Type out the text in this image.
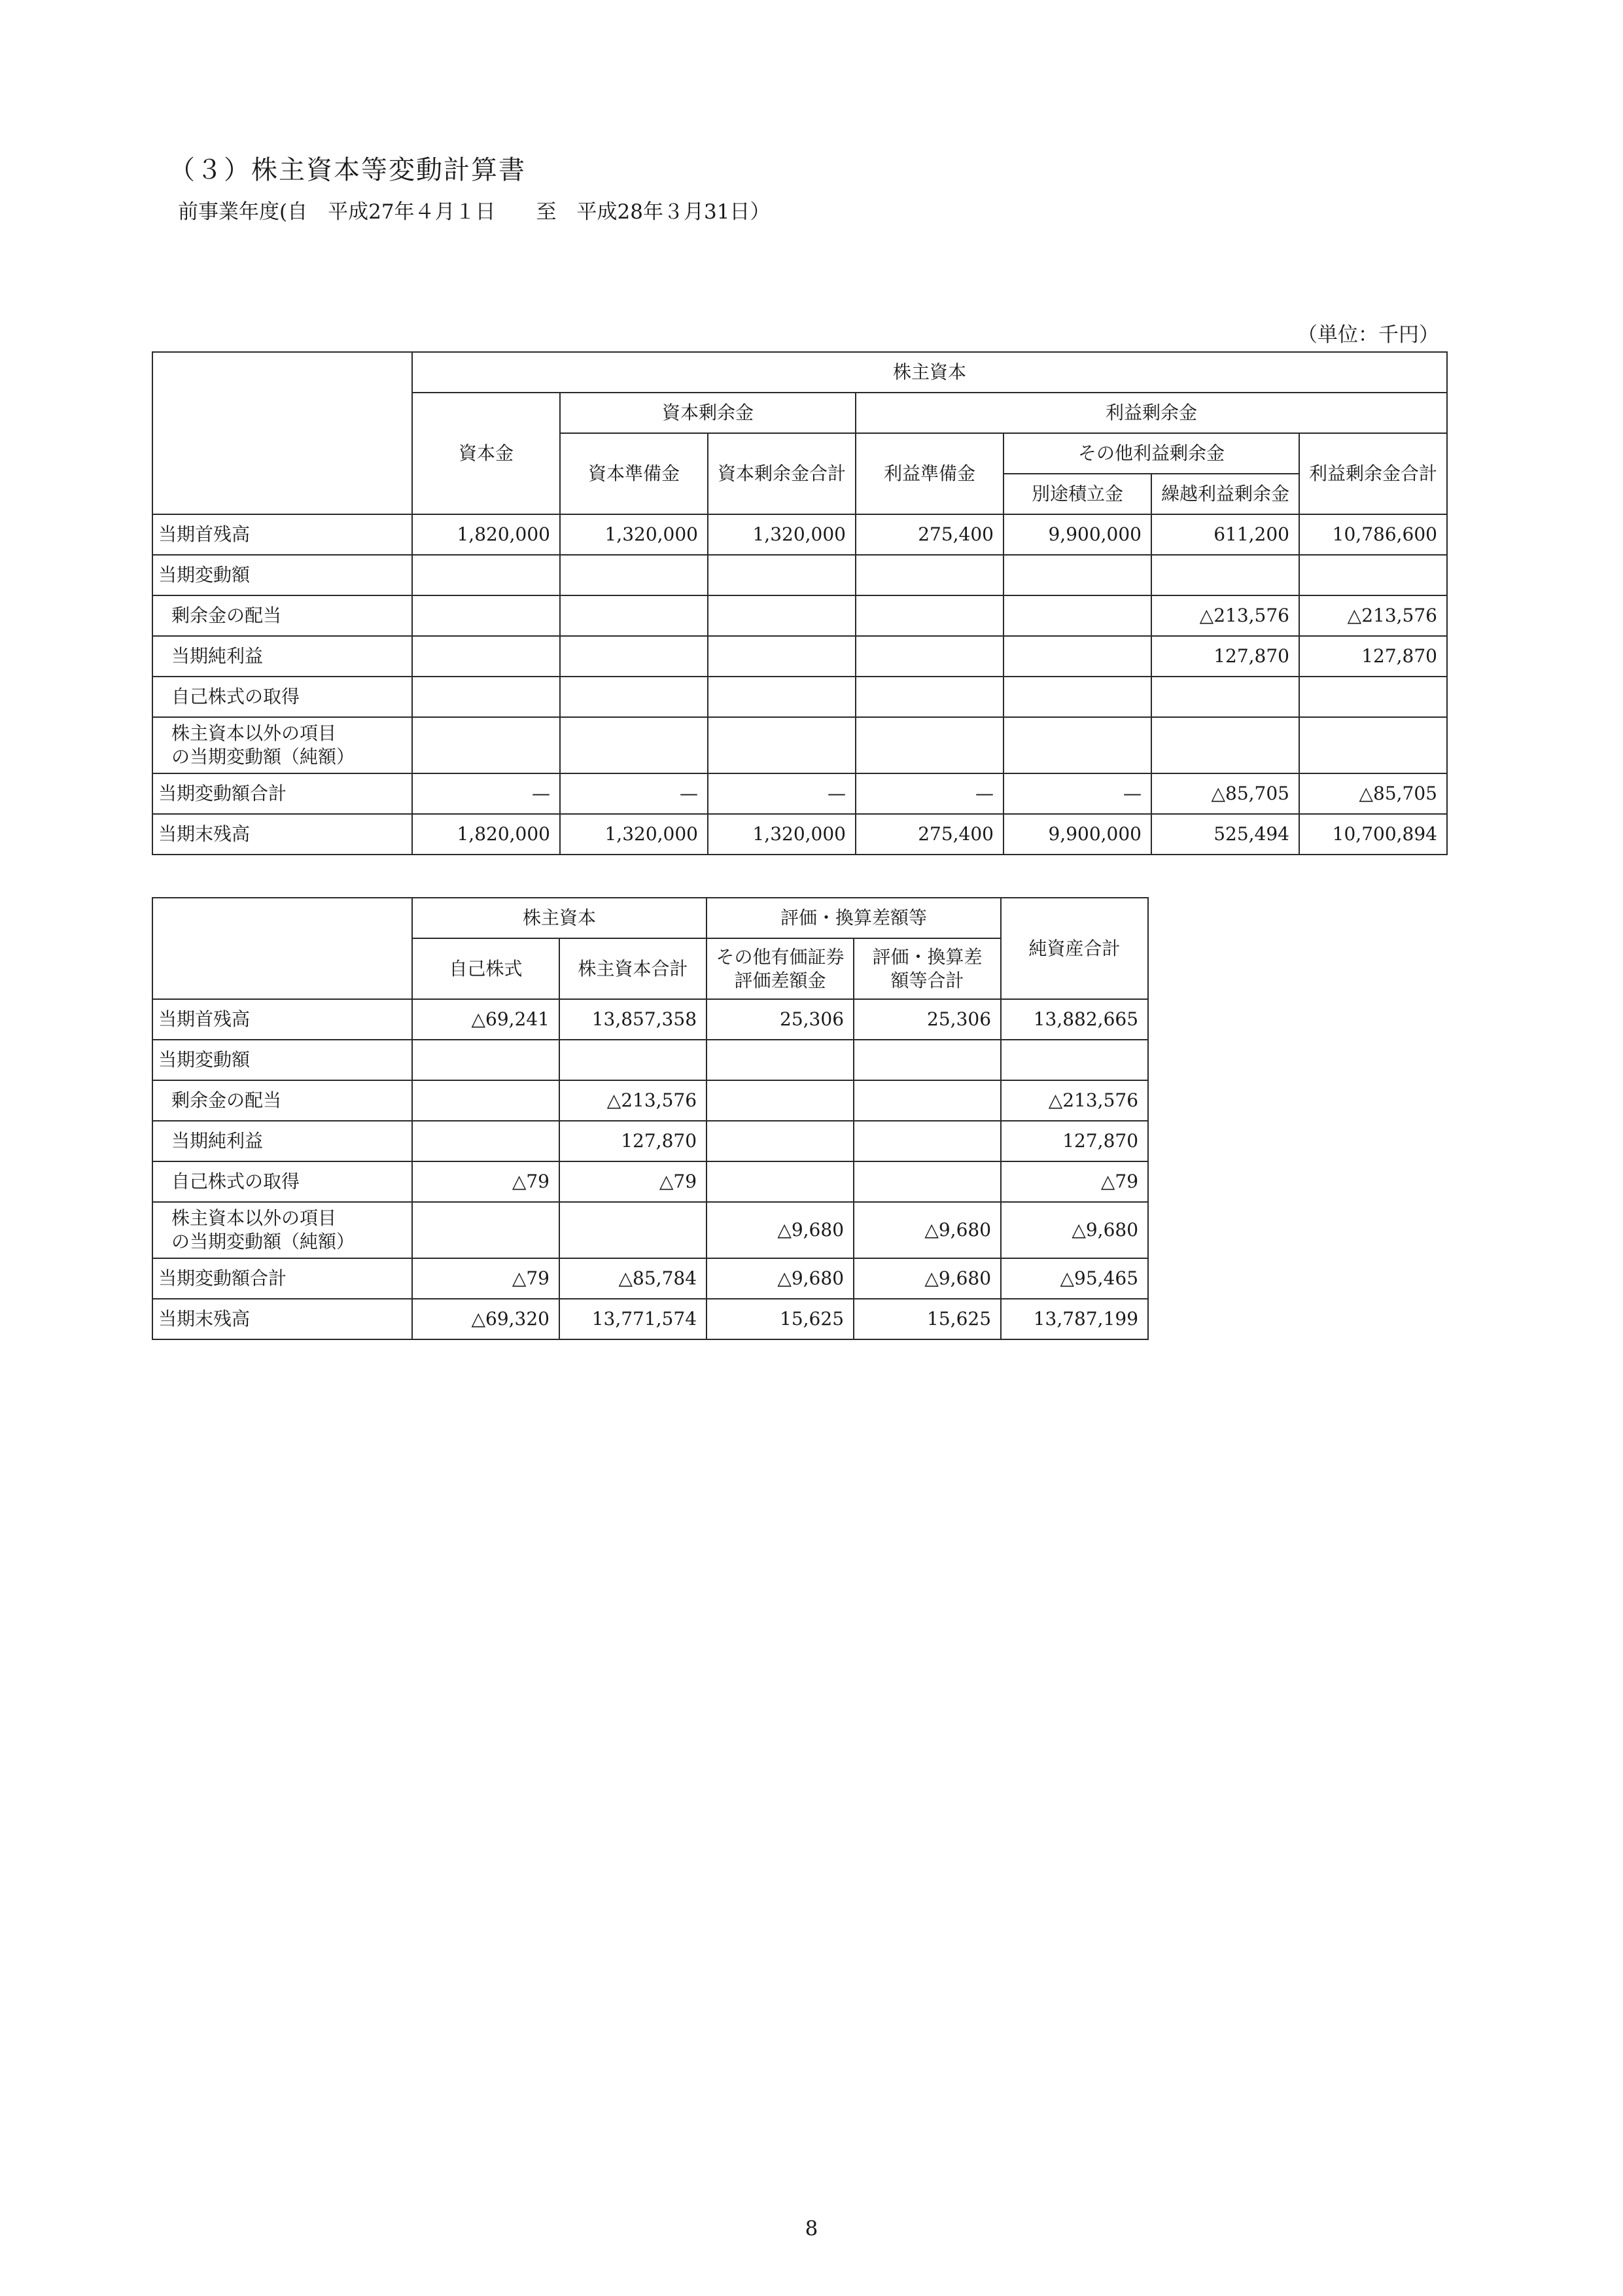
（３）株主資本等変動計算書
前事業年度(自　平成27年４月１日　　至　平成28年３月31日）
（単位：千円）
	株主資本						
	資本金	資本剰余金		利益剰余金			
		資本準備金	資本剰余金合計	利益準備金	その他利益剰余金		利益剰余金合計
					別途積立金	繰越利益剰余金	
当期首残高	1,820,000	1,320,000	1,320,000	275,400	9,900,000	611,200	10,786,600
当期変動額							
剰余金の配当						△213,576	△213,576
当期純利益						127,870	127,870
自己株式の取得							
株主資本以外の項目の当期変動額（純額）							
当期変動額合計	—	—	—	—	—	△85,705	△85,705
当期末残高	1,820,000	1,320,000	1,320,000	275,400	9,900,000	525,494	10,700,894
	株主資本		評価・換算差額等		純資産合計
	自己株式	株主資本合計	その他有価証券評価差額金	評価・換算差額等合計	
当期首残高	△69,241	13,857,358	25,306	25,306	13,882,665
当期変動額					
剰余金の配当		△213,576			△213,576
当期純利益		127,870			127,870
自己株式の取得	△79	△79			△79
株主資本以外の項目の当期変動額（純額）			△9,680	△9,680	△9,680
当期変動額合計	△79	△85,784	△9,680	△9,680	△95,465
当期末残高	△69,320	13,771,574	15,625	15,625	13,787,199
8
